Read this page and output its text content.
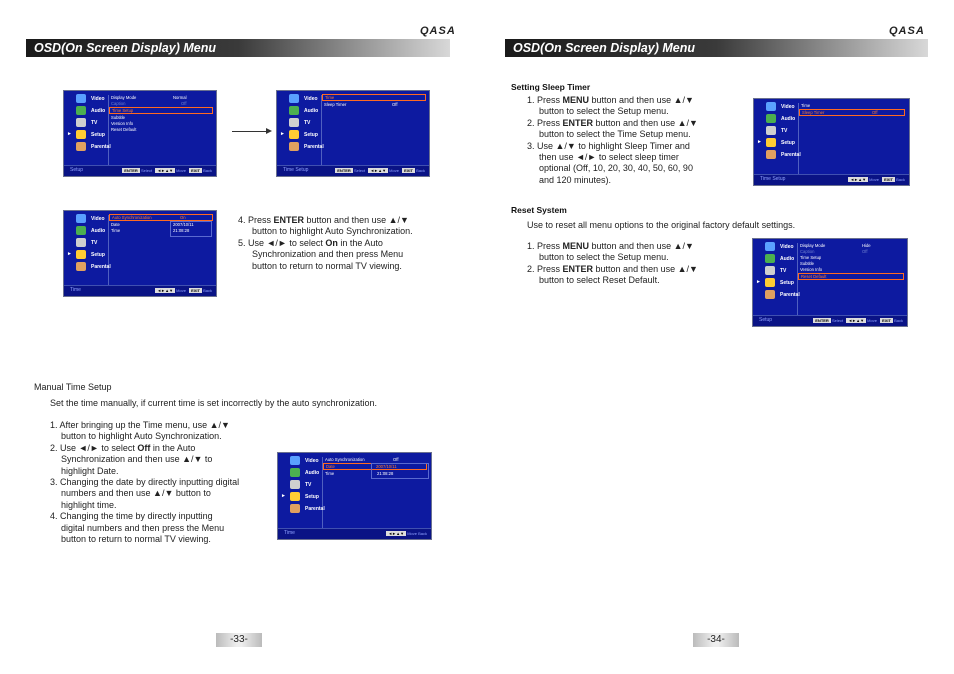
QASA
OSD(On Screen Display) Menu
Video
Audio
TV
►	Setup
Parental
Display Mode	Normal
Caption	Off
Time Setup
Subtitle
Version Info
Reset Default
Setup	ENTER Select ◄►▲▼ Move EXIT Back
Video
Audio
TV
►	Setup
Parental
Time
Sleep Timer	Off
Time Setup	ENTER Select ◄►▲▼ Move EXIT Back
Video
Audio
TV
►	Setup
Parental
Auto Synchronization	On
Date	2007/10/11
Time	21:08:28
Time	◄►▲▼ Move EXIT Back
4. Press ENTER button and then use ▲/▼
button to highlight Auto Synchronization.
5. Use ◄/► to select On in the Auto
Synchronization and then press Menu
button to return to normal TV viewing.
Manual Time Setup
Set the time manually, if current time is set incorrectly by the auto synchronization.
1. After bringing up the Time menu, use ▲/▼
button to highlight Auto Synchronization.
2. Use ◄/► to select Off in the Auto
Synchronization and then use ▲/▼ to
highlight Date.
3. Changing the date by directly inputting digital
numbers and then use ▲/▼ button to
highlight time.
4. Changing the time by directly inputting
digital numbers and then press the Menu
button to return to normal TV viewing.
Video
Audio
TV
►	Setup
Parental
Auto Synchronization	Off
Date	2007/10/11
Time	21:08:28
Time	◄►▲▼ Move Back
-33-
QASA
OSD(On Screen Display) Menu
Setting Sleep Timer
1. Press MENU button and then use ▲/▼
button to select the Setup menu.
2. Press ENTER button and then use ▲/▼
button to select the Time Setup menu.
3. Use ▲/▼ to highlight Sleep Timer and
then use ◄/► to select sleep timer
optional (Off, 10, 20, 30, 40, 50, 60, 90
and 120 minutes).
Video
Audio
TV
►	Setup
Parental
Time
Sleep Timer	Off
Time Setup	◄►▲▼ Move EXIT Back
Reset System
Use to reset all menu options to the original factory default settings.
1. Press MENU button and then use ▲/▼
button to select the Setup menu.
2. Press ENTER button and then use ▲/▼
button to select Reset Default.
Video
Audio
TV
►	Setup
Parental
Display Mode	Hide
Caption	Off
Time Setup
Subtitle
Version Info
Reset Default
Setup	ENTER Select ◄►▲▼ Move EXIT Back
-34-
